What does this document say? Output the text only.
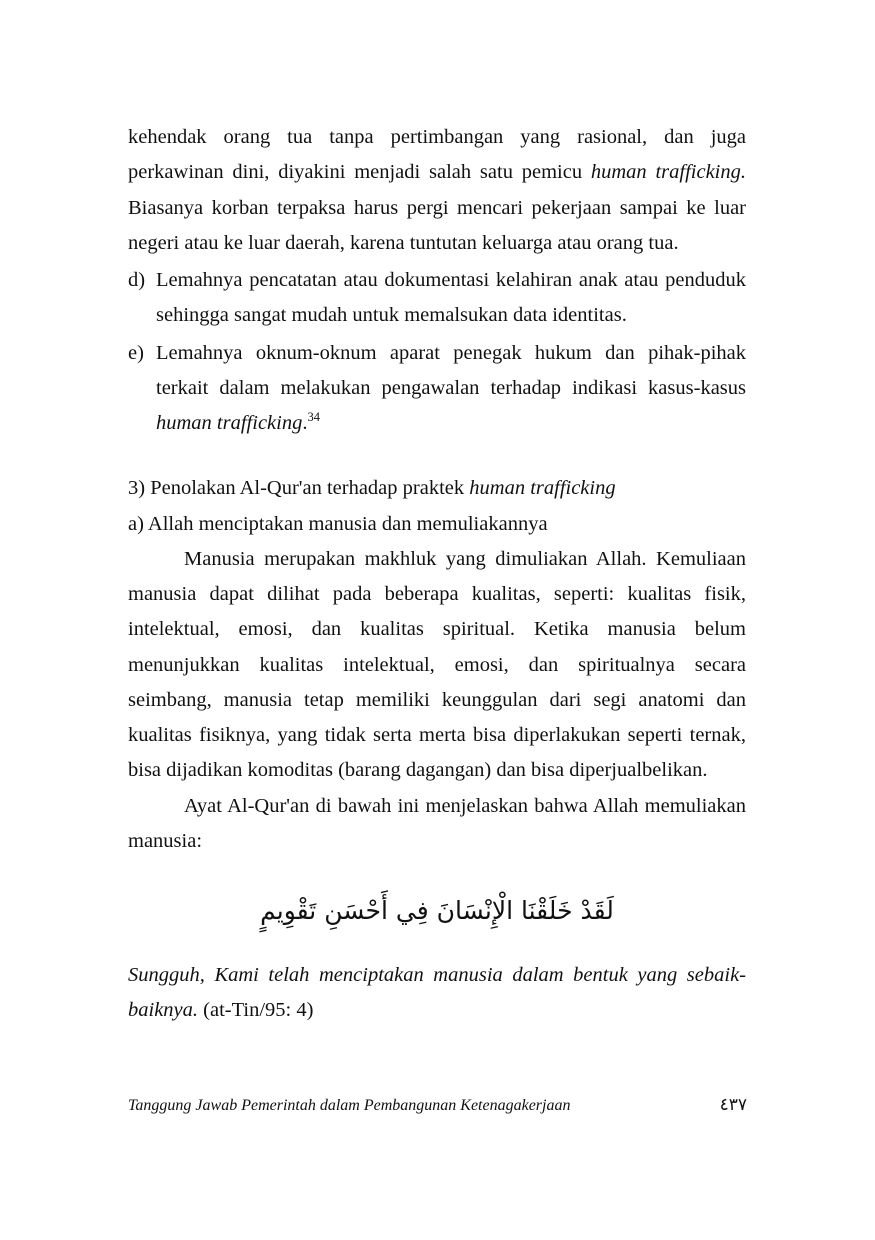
kehendak orang tua tanpa pertimbangan yang rasional, dan juga perkawinan dini, diyakini menjadi salah satu pemicu human trafficking. Biasanya korban terpaksa harus pergi mencari pekerjaan sampai ke luar negeri atau ke luar daerah, karena tuntutan keluarga atau orang tua.

d) Lemahnya pencatatan atau dokumentasi kelahiran anak atau penduduk sehingga sangat mudah untuk memalsukan data identitas.

e) Lemahnya oknum-oknum aparat penegak hukum dan pihak-pihak terkait dalam melakukan pengawalan terhadap indikasi kasus-kasus human trafficking.$^{34}$

3) Penolakan Al-Qur'an terhadap praktek human trafficking
a) Allah menciptakan manusia dan memuliakannya

Manusia merupakan makhluk yang dimuliakan Allah. Kemuliaan manusia dapat dilihat pada beberapa kualitas, seperti: kualitas fisik, intelektual, emosi, dan kualitas spiritual. Ketika manusia belum menunjukkan kualitas intelektual, emosi, dan spiritualnya secara seimbang, manusia tetap memiliki keunggulan dari segi anatomi dan kualitas fisiknya, yang tidak serta merta bisa diperlakukan seperti ternak, bisa dijadikan komoditas (barang dagangan) dan bisa diperjualbelikan.

Ayat Al-Qur'an di bawah ini menjelaskan bahwa Allah memuliakan manusia:

لَقَدْ خَلَقْنَا الْإِنْسَانَ فِي أَحْسَنِ تَقْوِيمٍ

Sungguh, Kami telah menciptakan manusia dalam bentuk yang sebaik-baiknya. (at-Tin/95: 4)

Tanggung Jawab Pemerintah dalam Pembangunan Ketenagakerjaan	٤٣٧
